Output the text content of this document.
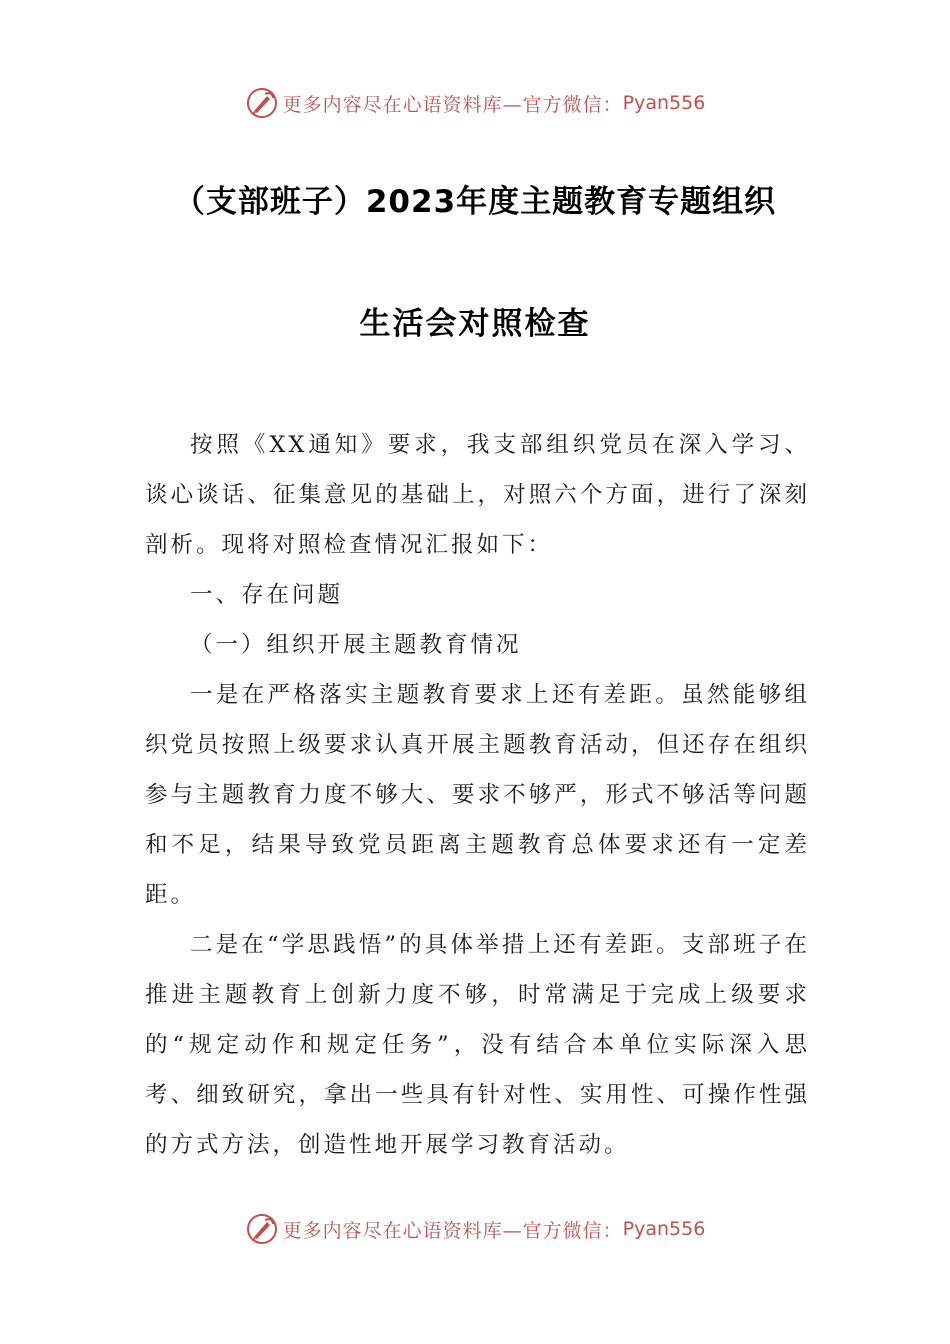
更多内容尽在心语资料库—官方微信： Pyan556
（支部班子）2023年度主题教育专题组织
生活会对照检查

按照《XX通知》要求，我支部组织党员在深入学习、谈心谈话、征集意见的基础上，对照六个方面，进行了深刻剖析。现将对照检查情况汇报如下：

一、存在问题

（一）组织开展主题教育情况

一是在严格落实主题教育要求上还有差距。虽然能够组织党员按照上级要求认真开展主题教育活动，但还存在组织参与主题教育力度不够大、要求不够严，形式不够活等问题和不足，结果导致党员距离主题教育总体要求还有一定差距。

二是在“学思践悟”的具体举措上还有差距。支部班子在推进主题教育上创新力度不够，时常满足于完成上级要求的“规定动作和规定任务”，没有结合本单位实际深入思考、细致研究，拿出一些具有针对性、实用性、可操作性强的方式方法，创造性地开展学习教育活动。

更多内容尽在心语资料库—官方微信： Pyan556
